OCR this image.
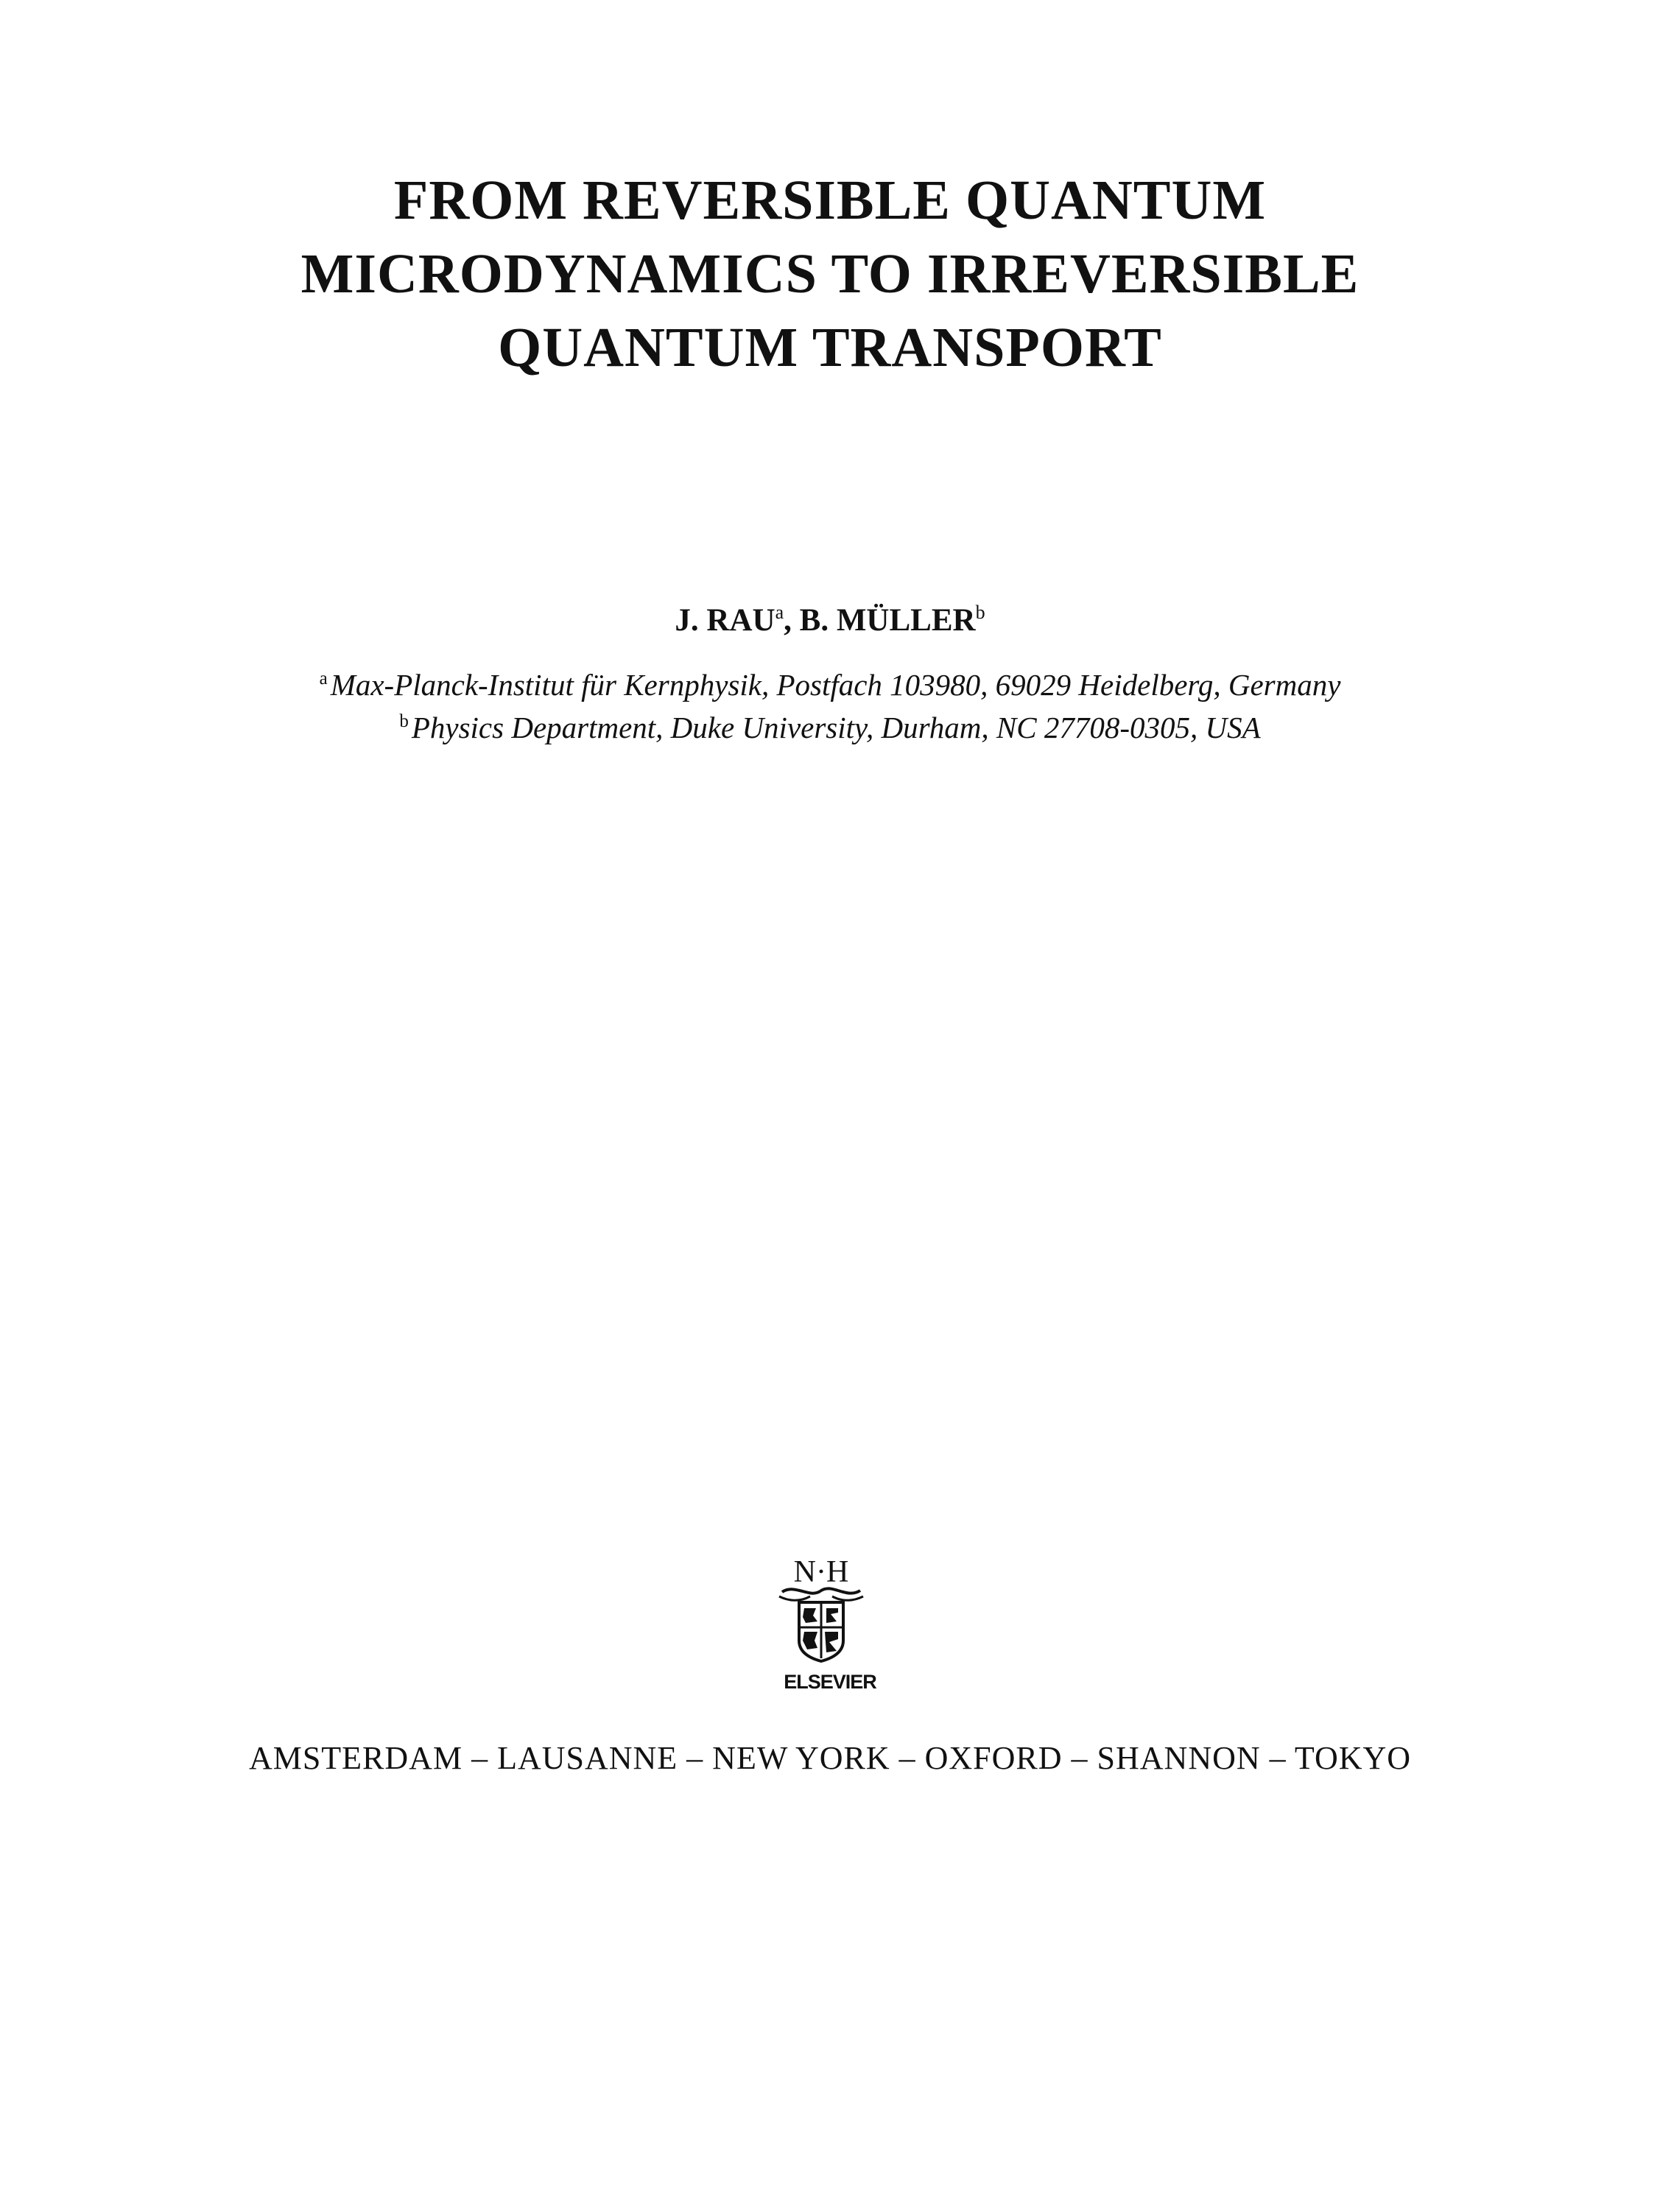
FROM REVERSIBLE QUANTUM
MICRODYNAMICS TO IRREVERSIBLE
QUANTUM TRANSPORT
J. RAU$^a$, B. MÜLLER$^b$
$^a$Max-Planck-Institut für Kernphysik, Postfach 103980, 69029 Heidelberg, Germany
$^b$Physics Department, Duke University, Durham, NC 27708-0305, USA
N·H
ELSEVIER
AMSTERDAM – LAUSANNE – NEW YORK – OXFORD – SHANNON – TOKYO
